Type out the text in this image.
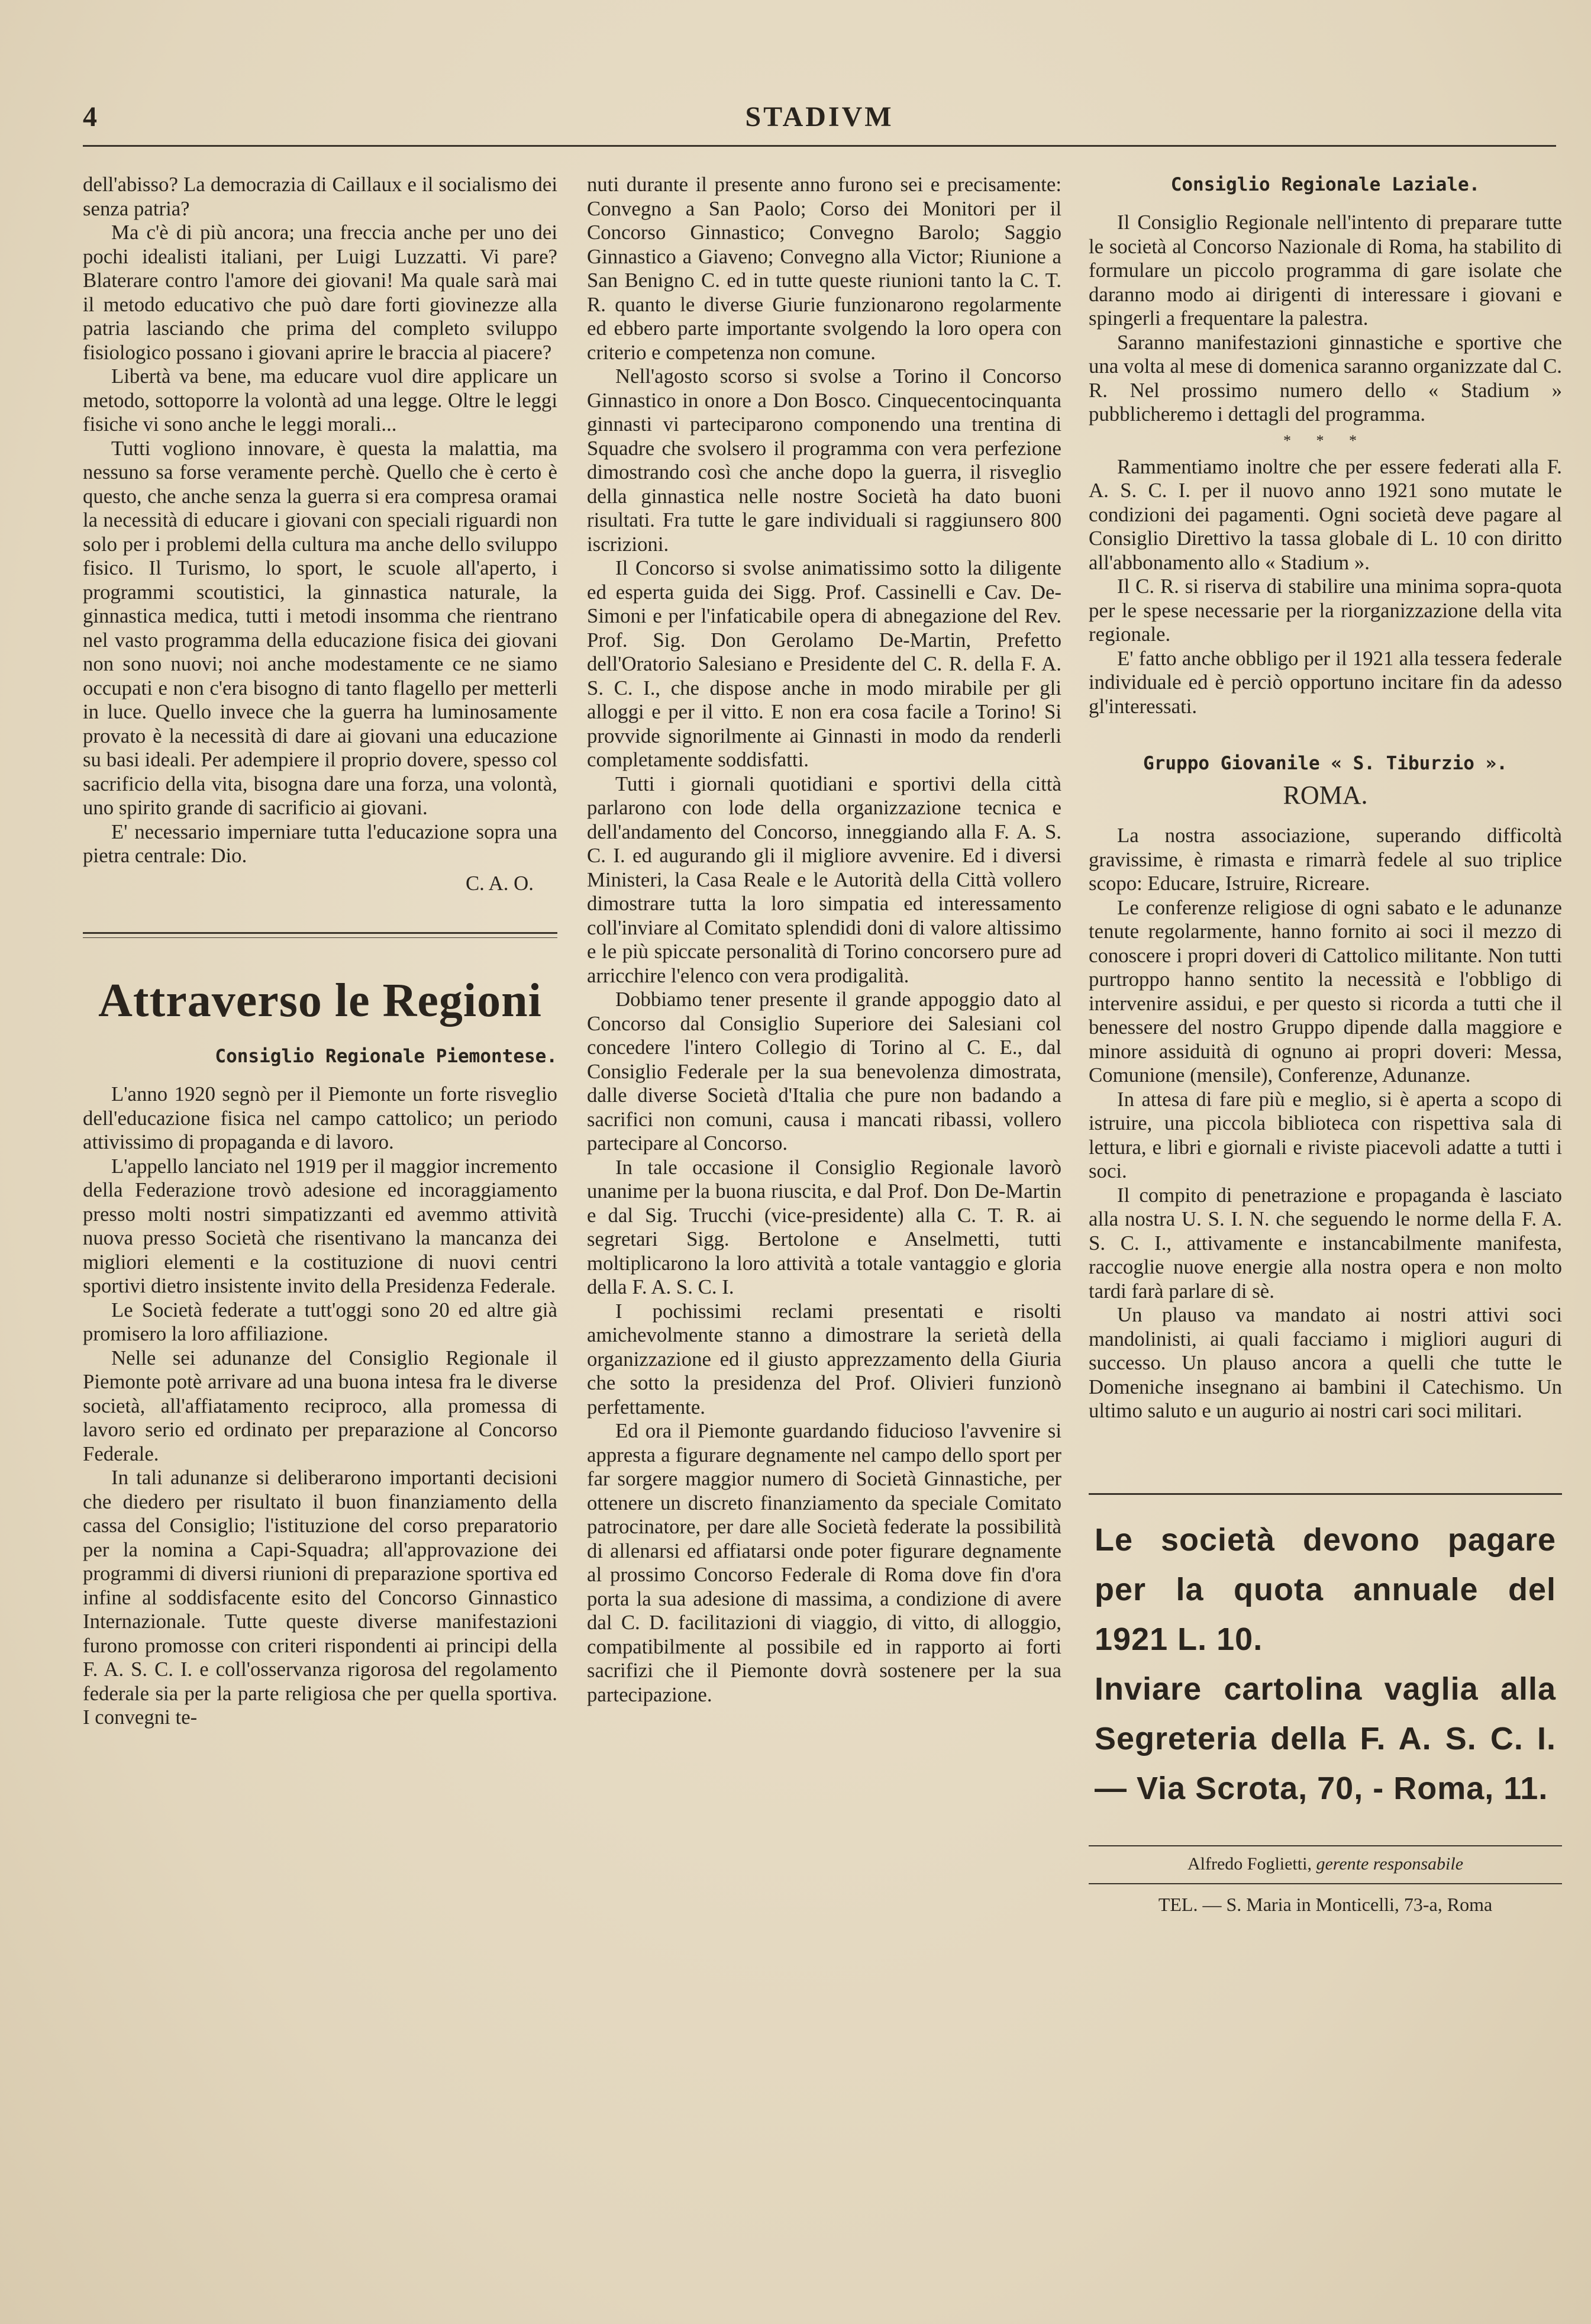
4	STADIVM

dell'abisso? La democrazia di Caillaux e il socialismo dei senza patria?

Ma c'è di più ancora; una freccia anche per uno dei pochi idealisti italiani, per Luigi Luzzatti. Vi pare? Blaterare contro l'amore dei giovani! Ma quale sarà mai il metodo educativo che può dare forti giovinezze alla patria lasciando che prima del completo sviluppo fisiologico possano i giovani aprire le braccia al piacere?

Libertà va bene, ma educare vuol dire applicare un metodo, sottoporre la volontà ad una legge. Oltre le leggi fisiche vi sono anche le leggi morali...

Tutti vogliono innovare, è questa la malattia, ma nessuno sa forse veramente perchè. Quello che è certo è questo, che anche senza la guerra si era compresa oramai la necessità di educare i giovani con speciali riguardi non solo per i problemi della cultura ma anche dello sviluppo fisico. Il Turismo, lo sport, le scuole all'aperto, i programmi scoutistici, la ginnastica naturale, la ginnastica medica, tutti i metodi insomma che rientrano nel vasto programma della educazione fisica dei giovani non sono nuovi; noi anche modestamente ce ne siamo occupati e non c'era bisogno di tanto flagello per metterli in luce. Quello invece che la guerra ha luminosamente provato è la necessità di dare ai giovani una educazione su basi ideali. Per adempiere il proprio dovere, spesso col sacrificio della vita, bisogna dare una forza, una volontà, uno spirito grande di sacrificio ai giovani.

E' necessario imperniare tutta l'educazione sopra una pietra centrale: Dio.

C. A. O.

Attraverso le Regioni
Consiglio Regionale Piemontese.

L'anno 1920 segnò per il Piemonte un forte risveglio dell'educazione fisica nel campo cattolico; un periodo attivissimo di propaganda e di lavoro.

L'appello lanciato nel 1919 per il maggior incremento della Federazione trovò adesione ed incoraggiamento presso molti nostri simpatizzanti ed avemmo attività nuova presso Società che risentivano la mancanza dei migliori elementi e la costituzione di nuovi centri sportivi dietro insistente invito della Presidenza Federale.

Le Società federate a tutt'oggi sono 20 ed altre già promisero la loro affiliazione.

Nelle sei adunanze del Consiglio Regionale il Piemonte potè arrivare ad una buona intesa fra le diverse società, all'affiatamento reciproco, alla promessa di lavoro serio ed ordinato per preparazione al Concorso Federale.

In tali adunanze si deliberarono importanti decisioni che diedero per risultato il buon finanziamento della cassa del Consiglio; l'istituzione del corso preparatorio per la nomina a Capi-Squadra; all'approvazione dei programmi di diversi riunioni di preparazione sportiva ed infine al soddisfacente esito del Concorso Ginnastico Internazionale. Tutte queste diverse manifestazioni furono promosse con criteri rispondenti ai principi della F. A. S. C. I. e coll'osservanza rigorosa del regolamento federale sia per la parte religiosa che per quella sportiva. I convegni te-

nuti durante il presente anno furono sei e precisamente: Convegno a San Paolo; Corso dei Monitori per il Concorso Ginnastico; Convegno Barolo; Saggio Ginnastico a Giaveno; Convegno alla Victor; Riunione a San Benigno C. ed in tutte queste riunioni tanto la C. T. R. quanto le diverse Giurie funzionarono regolarmente ed ebbero parte importante svolgendo la loro opera con criterio e competenza non comune.

Nell'agosto scorso si svolse a Torino il Concorso Ginnastico in onore a Don Bosco. Cinquecentocinquanta ginnasti vi parteciparono componendo una trentina di Squadre che svolsero il programma con vera perfezione dimostrando così che anche dopo la guerra, il risveglio della ginnastica nelle nostre Società ha dato buoni risultati. Fra tutte le gare individuali si raggiunsero 800 iscrizioni.

Il Concorso si svolse animatissimo sotto la diligente ed esperta guida dei Sigg. Prof. Cassinelli e Cav. De-Simoni e per l'infaticabile opera di abnegazione del Rev. Prof. Sig. Don Gerolamo De-Martin, Prefetto dell'Oratorio Salesiano e Presidente del C. R. della F. A. S. C. I., che dispose anche in modo mirabile per gli alloggi e per il vitto. E non era cosa facile a Torino! Si provvide signorilmente ai Ginnasti in modo da renderli completamente soddisfatti.

Tutti i giornali quotidiani e sportivi della città parlarono con lode della organizzazione tecnica e dell'andamento del Concorso, inneggiando alla F. A. S. C. I. ed augurando gli il migliore avvenire. Ed i diversi Ministeri, la Casa Reale e le Autorità della Città vollero dimostrare tutta la loro simpatia ed interessamento coll'inviare al Comitato splendidi doni di valore altissimo e le più spiccate personalità di Torino concorsero pure ad arricchire l'elenco con vera prodigalità.

Dobbiamo tener presente il grande appoggio dato al Concorso dal Consiglio Superiore dei Salesiani col concedere l'intero Collegio di Torino al C. E., dal Consiglio Federale per la sua benevolenza dimostrata, dalle diverse Società d'Italia che pure non badando a sacrifici non comuni, causa i mancati ribassi, vollero partecipare al Concorso.

In tale occasione il Consiglio Regionale lavorò unanime per la buona riuscita, e dal Prof. Don De-Martin e dal Sig. Trucchi (vice-presidente) alla C. T. R. ai segretari Sigg. Bertolone e Anselmetti, tutti moltiplicarono la loro attività a totale vantaggio e gloria della F. A. S. C. I.

I pochissimi reclami presentati e risolti amichevolmente stanno a dimostrare la serietà della organizzazione ed il giusto apprezzamento della Giuria che sotto la presidenza del Prof. Olivieri funzionò perfettamente.

Ed ora il Piemonte guardando fiducioso l'avvenire si appresta a figurare degnamente nel campo dello sport per far sorgere maggior numero di Società Ginnastiche, per ottenere un discreto finanziamento da speciale Comitato patrocinatore, per dare alle Società federate la possibilità di allenarsi ed affiatarsi onde poter figurare degnamente al prossimo Concorso Federale di Roma dove fin d'ora porta la sua adesione di massima, a condizione di avere dal C. D. facilitazioni di viaggio, di vitto, di alloggio, compatibilmente al possibile ed in rapporto ai forti sacrifizi che il Piemonte dovrà sostenere per la sua partecipazione.

Consiglio Regionale Laziale.

Il Consiglio Regionale nell'intento di preparare tutte le società al Concorso Nazionale di Roma, ha stabilito di formulare un piccolo programma di gare isolate che daranno modo ai dirigenti di interessare i giovani e spingerli a frequentare la palestra.

Saranno manifestazioni ginnastiche e sportive che una volta al mese di domenica saranno organizzate dal C. R. Nel prossimo numero dello « Stadium » pubblicheremo i dettagli del programma.

* * *

Rammentiamo inoltre che per essere federati alla F. A. S. C. I. per il nuovo anno 1921 sono mutate le condizioni dei pagamenti. Ogni società deve pagare al Consiglio Direttivo la tassa globale di L. 10 con diritto all'abbonamento allo « Stadium ».

Il C. R. si riserva di stabilire una minima sopra-quota per le spese necessarie per la riorganizzazione della vita regionale.

E' fatto anche obbligo per il 1921 alla tessera federale individuale ed è perciò opportuno incitare fin da adesso gl'interessati.

Gruppo Giovanile « S. Tiburzio ».
ROMA.

La nostra associazione, superando difficoltà gravissime, è rimasta e rimarrà fedele al suo triplice scopo: Educare, Istruire, Ricreare.

Le conferenze religiose di ogni sabato e le adunanze tenute regolarmente, hanno fornito ai soci il mezzo di conoscere i propri doveri di Cattolico militante. Non tutti purtroppo hanno sentito la necessità e l'obbligo di intervenire assidui, e per questo si ricorda a tutti che il benessere del nostro Gruppo dipende dalla maggiore e minore assiduità di ognuno ai propri doveri: Messa, Comunione (mensile), Conferenze, Adunanze.

In attesa di fare più e meglio, si è aperta a scopo di istruire, una piccola biblioteca con rispettiva sala di lettura, e libri e giornali e riviste piacevoli adatte a tutti i soci.

Il compito di penetrazione e propaganda è lasciato alla nostra U. S. I. N. che seguendo le norme della F. A. S. C. I., attivamente e instancabilmente manifesta, raccoglie nuove energie alla nostra opera e non molto tardi farà parlare di sè.

Un plauso va mandato ai nostri attivi soci mandolinisti, ai quali facciamo i migliori auguri di successo. Un plauso ancora a quelli che tutte le Domeniche insegnano ai bambini il Catechismo. Un ultimo saluto e un augurio ai nostri cari soci militari.

Le società devono pagare per la quota annuale del 1921 L. 10.
Inviare cartolina vaglia alla Segreteria della F. A. S. C. I. — Via Scrota, 70, - Roma, 11.
Alfredo Foglietti, gerente responsabile
TEL. — S. Maria in Monticelli, 73-a, Roma
